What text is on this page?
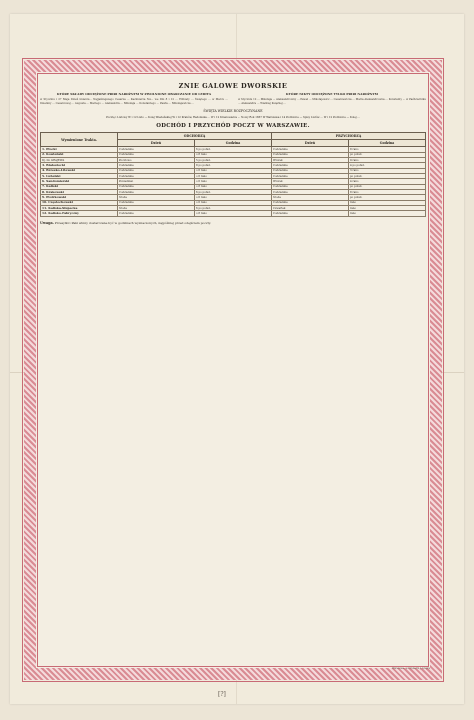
ZNIE GALOWE DWORSKIE
KTÓRE SKŁADY ODCIĘŻONE PRIRI NAROŻNYM W ZWOLNIONE OBARCZANIE OD LEDITA

w Styczniu i 27 Maja Dzień imieniu... Najjaśniejszego Cesarza ... Kazimierza NA... we Dni 8 i 12 ... Elżbiety ... Świętego ... w Marcu ... Imieniny ... Cesarzowej ... Augusta ... Mariego ... Aleksandra ... Mikołaja ... Konstantego ... Pawła ... Mikołajewicza ...

KTÓRE NIKTY ODCIĘŻONE TYLKO PRIRI NAROŻNYM

w Styczniu 12 ... Mikołaja ... Aleksandrowny ... Paweł ... Mikołajewicz ... Cesarzewicza ... Maria Aleksandrowna ... Konstanty ... w Październiku ... Aleksandra ... Wielkiej Księżnej ...

ŚWIĘTA WIELKIE ROZPOCZYNANE
Pocztę i Listowy W i 12 Listo — Kolej Wiedeńskiej W i 12 Kraków, Radomska ... W i 12 Krasnosielca ... Nowy Rok 1867 W Warszawa i 14 Podłonice — Spisy Listów ... W i 12 Podłonice — Kolej ...
ODCHÓD I PRZYCHÓD POCZT W WARSZAWIE.
Wymienione Trakta.	ODCHODZĄ		PRZYCHODZĄ	
	Dzień	Godzina	Dzień	Godzina
1. Płocki	Codziennie	6 po połud.	Codziennie	8 rano
2. Kowieński	Codziennie	o 8 rano	Codziennie	po połud.
Dj. Do GRAJEWA	Pocztowo	5 po połud.	Wtorek	9 rano
3. Białostocki	Codziennie	8 po połud.	Codziennie	4 po połud.
4. Brzesko-Litewski	Codziennie	o 6 rano	Codziennie	3 rano
5. Lubelski	Codziennie	o 6 rano	Codziennie	po połud.
6. Sandomierski	Poniedział.	o 6 rano	Wtorek	4 rano
7. Kaliski	Codziennie	o 8 rano	Codziennie	po połud.
8. Krakowski	Codziennie	6 po połud.	Codziennie	8 rano
9. Piotrkowski	Środa	o 6 rano	Środa	po połud.
10. Częstochowski	Codziennie	o 6 rano	Codziennie	rano
11. Kaliska-Słupecka	Środa	6 po połud.	Czwartek	rano
12. Kalisko-Fabryczny	Codziennie	o 8 rano	Codziennie	rano
Uwaga. Przesyłki i Paki winny dostarczane być w godzinach wyznaczonych, najpóźniej przed odejściem poczty.
Warszawa, w Drukarni J. Ungra
[?]
